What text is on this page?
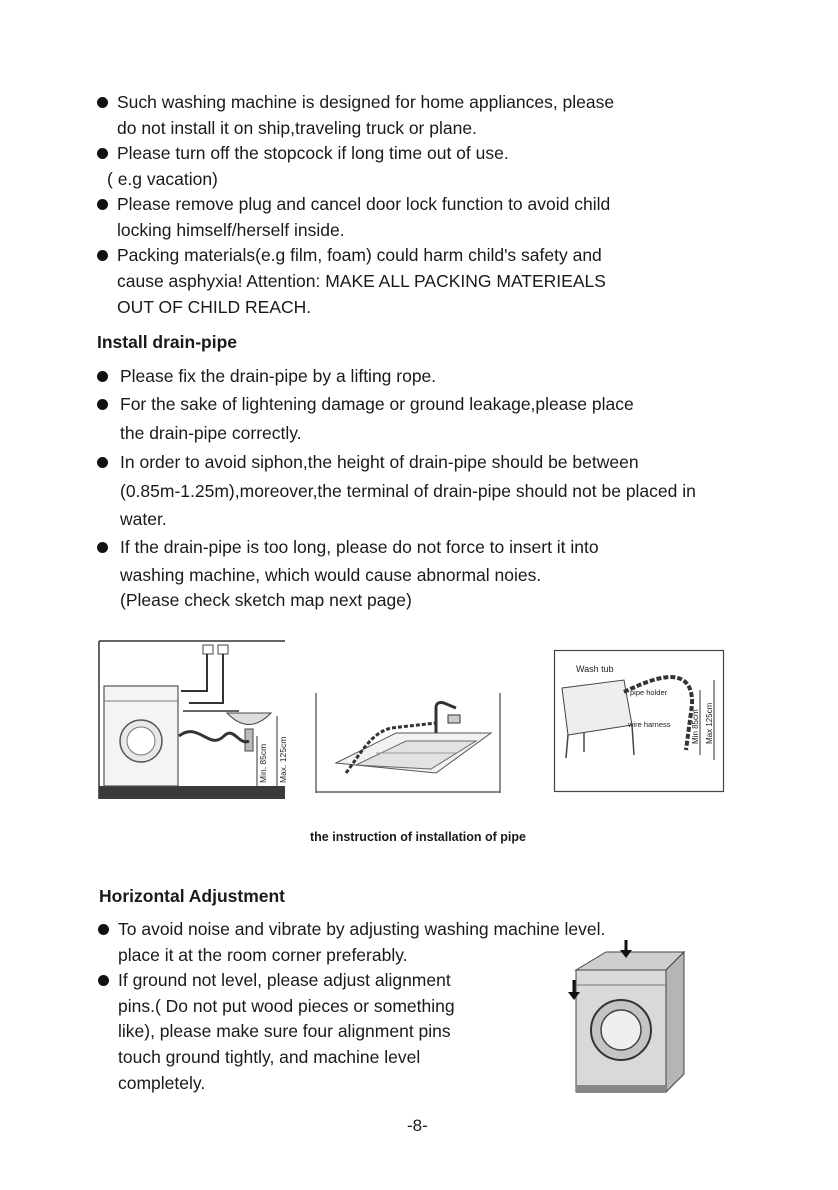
Such washing machine is designed for home appliances, please
do not install it on ship,traveling truck or plane.
Please turn off the stopcock if long time out of use.
( e.g vacation)
Please remove plug and cancel door lock function to avoid child
locking himself/herself inside.
Packing materials(e.g film, foam) could harm child's safety and
cause asphyxia! Attention: MAKE ALL PACKING MATERIEALS
OUT OF CHILD REACH.
Install drain-pipe
Please fix the drain-pipe by a lifting rope.
For the sake of lightening damage or ground leakage,please place
the drain-pipe correctly.
In order to avoid siphon,the height of drain-pipe should be between
(0.85m-1.25m),moreover,the terminal of drain-pipe should not be placed in
water.
If the drain-pipe is too long, please do not force to insert it into
washing machine, which would cause abnormal noies.
(Please check sketch map next page)
Min. 85cm Max. 125cm
Wash tub
pipe holder
wire harness	Min 85cm Max 125cm
the instruction of installation of pipe
Horizontal Adjustment
To avoid noise and vibrate by adjusting washing machine level.
place it at the room corner preferably.
If ground not level, please adjust alignment
pins.( Do not put wood pieces or something
like), please make sure four alignment pins
touch ground tightly, and machine level
completely.
-8-
